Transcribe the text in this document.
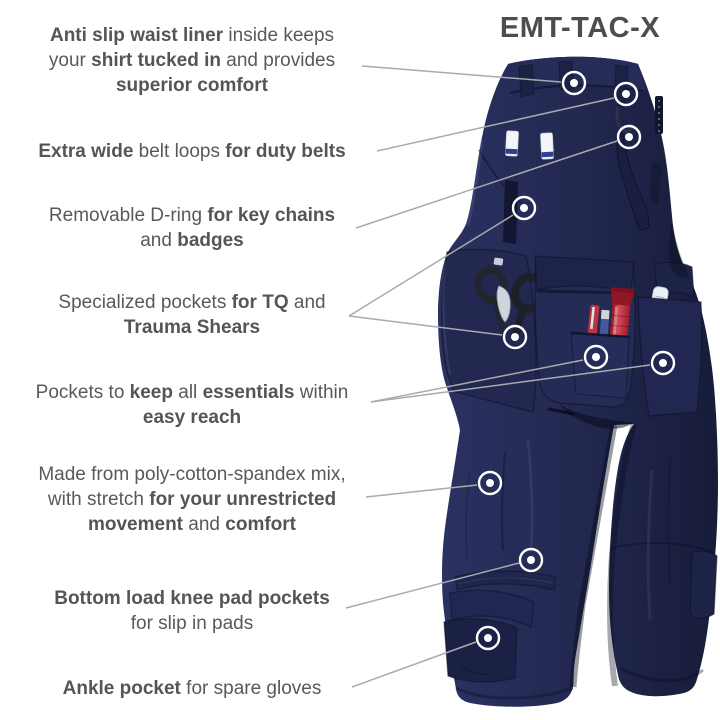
EMT-TAC-X
Anti slip waist liner inside keeps
your shirt tucked in and provides
superior comfort
Extra wide belt loops for duty belts
Removable D-ring for key chains
and badges
Specialized pockets for TQ and
Trauma Shears
Pockets to keep all essentials within
easy reach
Made from poly-cotton-spandex mix,
with stretch for your unrestricted
movement and comfort
Bottom load knee pad pockets
for slip in pads
Ankle pocket for spare gloves
